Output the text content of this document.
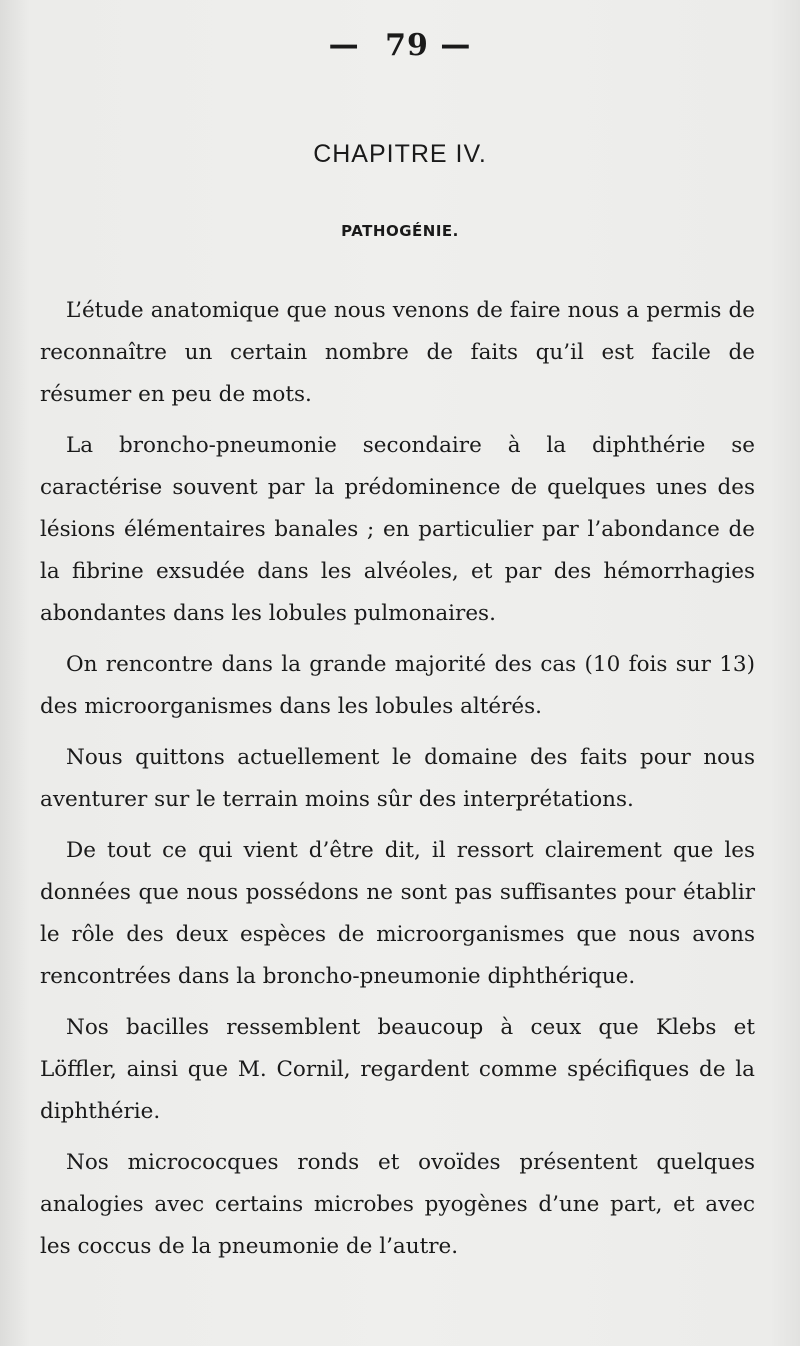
— 79 —
CHAPITRE IV.
PATHOGÉNIE.

L’étude anatomique que nous venons de faire nous a permis de reconnaître un certain nombre de faits qu’il est facile de résumer en peu de mots.

La broncho-pneumonie secondaire à la diphthérie se caractérise souvent par la prédominence de quelques unes des lésions élémentaires banales ; en particulier par l’abondance de la fibrine exsudée dans les alvéoles, et par des hémorrhagies abondantes dans les lobules pulmonaires.

On rencontre dans la grande majorité des cas (10 fois sur 13) des microorganismes dans les lobules altérés.

Nous quittons actuellement le domaine des faits pour nous aventurer sur le terrain moins sûr des interprétations.

De tout ce qui vient d’être dit, il ressort clairement que les données que nous possédons ne sont pas suffisantes pour établir le rôle des deux espèces de microorganismes que nous avons rencontrées dans la broncho-pneumonie diphthérique.

Nos bacilles ressemblent beaucoup à ceux que Klebs et Löffler, ainsi que M. Cornil, regardent comme spécifiques de la diphthérie.

Nos micrococques ronds et ovoïdes présentent quelques analogies avec certains microbes pyogènes d’une part, et avec les coccus de la pneumonie de l’autre.
